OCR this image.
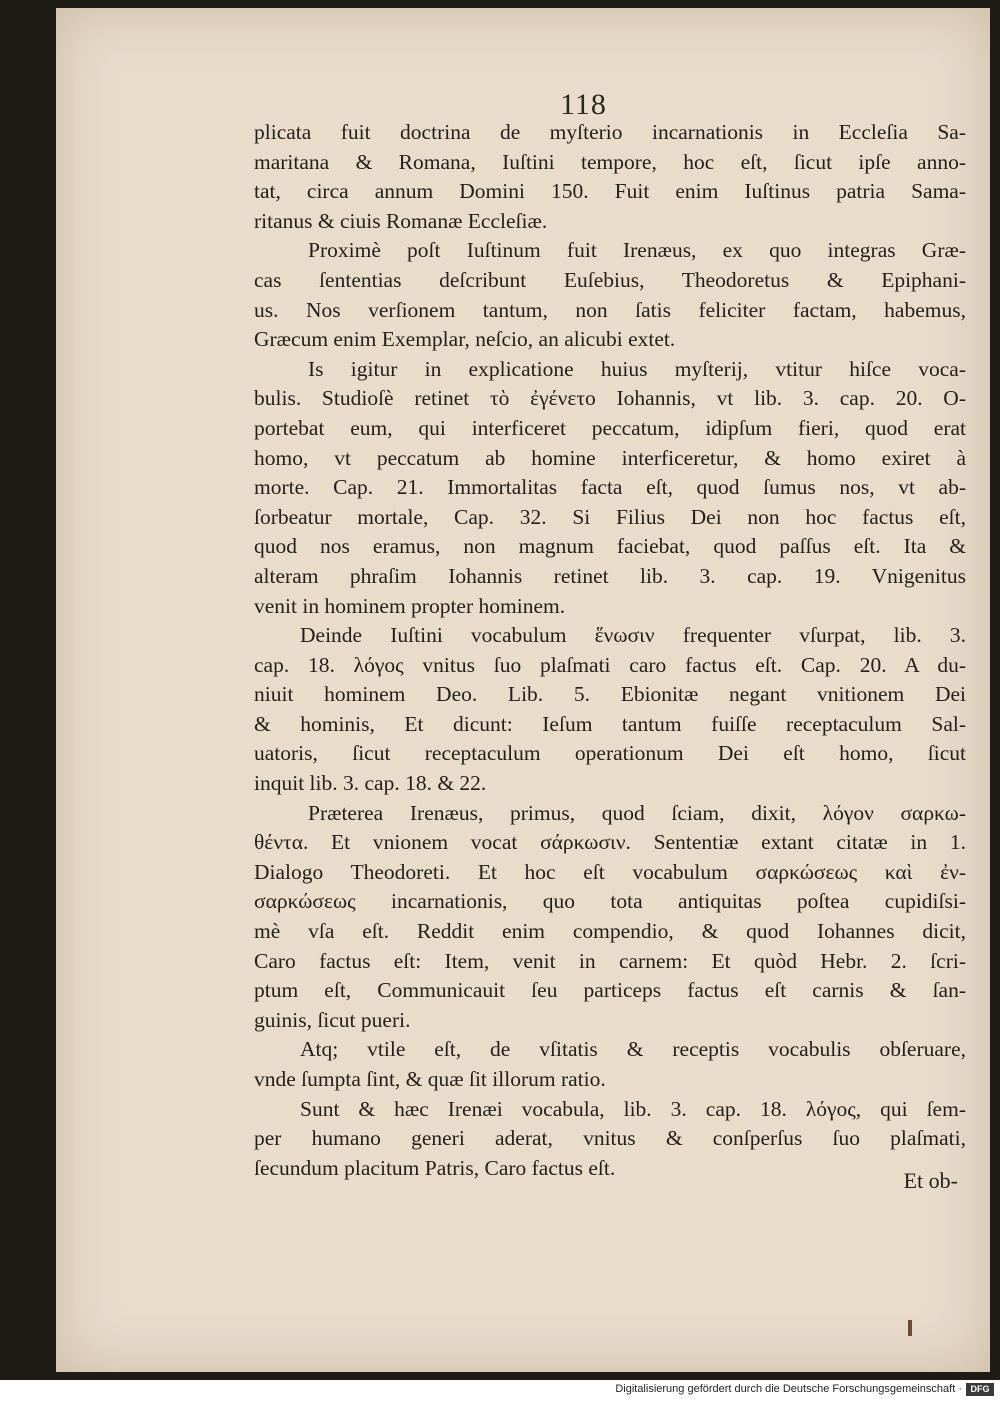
118
plicata fuit doctrina de myſterio incarnationis in Eccleſia Sa-
maritana & Romana, Iuſtini tempore, hoc eſt, ſicut ipſe anno-
tat, circa annum Domini 150. Fuit enim Iuſtinus patria Sama-
ritanus & ciuis Romanæ Eccleſiæ.
Proximè poſt Iuſtinum fuit Irenæus, ex quo integras Græ-
cas ſententias deſcribunt Euſebius, Theodoretus & Epiphani-
us. Nos verſionem tantum, non ſatis feliciter factam, habemus,
Græcum enim Exemplar, neſcio, an alicubi extet.
Is igitur in explicatione huius myſterij, vtitur hiſce voca-
bulis. Studioſè retinet τὸ ἐγένετο Iohannis, vt lib. 3. cap. 20. O-
portebat eum, qui interficeret peccatum, idipſum fieri, quod erat
homo, vt peccatum ab homine interficeretur, & homo exiret à
morte. Cap. 21. Immortalitas facta eſt, quod ſumus nos, vt ab-
ſorbeatur mortale, Cap. 32. Si Filius Dei non hoc factus eſt,
quod nos eramus, non magnum faciebat, quod paſſus eſt. Ita &
alteram phraſim Iohannis retinet lib. 3. cap. 19. Vnigenitus
venit in hominem propter hominem.
Deinde Iuſtini vocabulum ἕνωσιν frequenter vſurpat, lib. 3.
cap. 18. λόγος vnitus ſuo plaſmati caro factus eſt. Cap. 20. A du-
niuit hominem Deo. Lib. 5. Ebionitæ negant vnitionem Dei
& hominis, Et dicunt: Ieſum tantum fuiſſe receptaculum Sal-
uatoris, ſicut receptaculum operationum Dei eſt homo, ſicut
inquit lib. 3. cap. 18. & 22.
Præterea Irenæus, primus, quod ſciam, dixit, λόγον σαρκω-
θέντα. Et vnionem vocat σάρκωσιν. Sententiæ extant citatæ in 1.
Dialogo Theodoreti. Et hoc eſt vocabulum σαρκώσεως καὶ ἐν-
σαρκώσεως incarnationis, quo tota antiquitas poſtea cupidiſsi-
mè vſa eſt. Reddit enim compendio, & quod Iohannes dicit,
Caro factus eſt: Item, venit in carnem: Et quòd Hebr. 2. ſcri-
ptum eſt, Communicauit ſeu particeps factus eſt carnis & ſan-
guinis, ſicut pueri.
Atq; vtile eſt, de vſitatis & receptis vocabulis obſeruare,
vnde ſumpta ſint, & quæ ſit illorum ratio.
Sunt & hæc Irenæi vocabula, lib. 3. cap. 18. λόγος, qui ſem-
per humano generi aderat, vnitus & conſperſus ſuo plaſmati,
ſecundum placitum Patris, Caro factus eſt.
Et ob-
Digitalisierung gefördert durch die Deutsche Forschungsgemeinschaft · DFG
